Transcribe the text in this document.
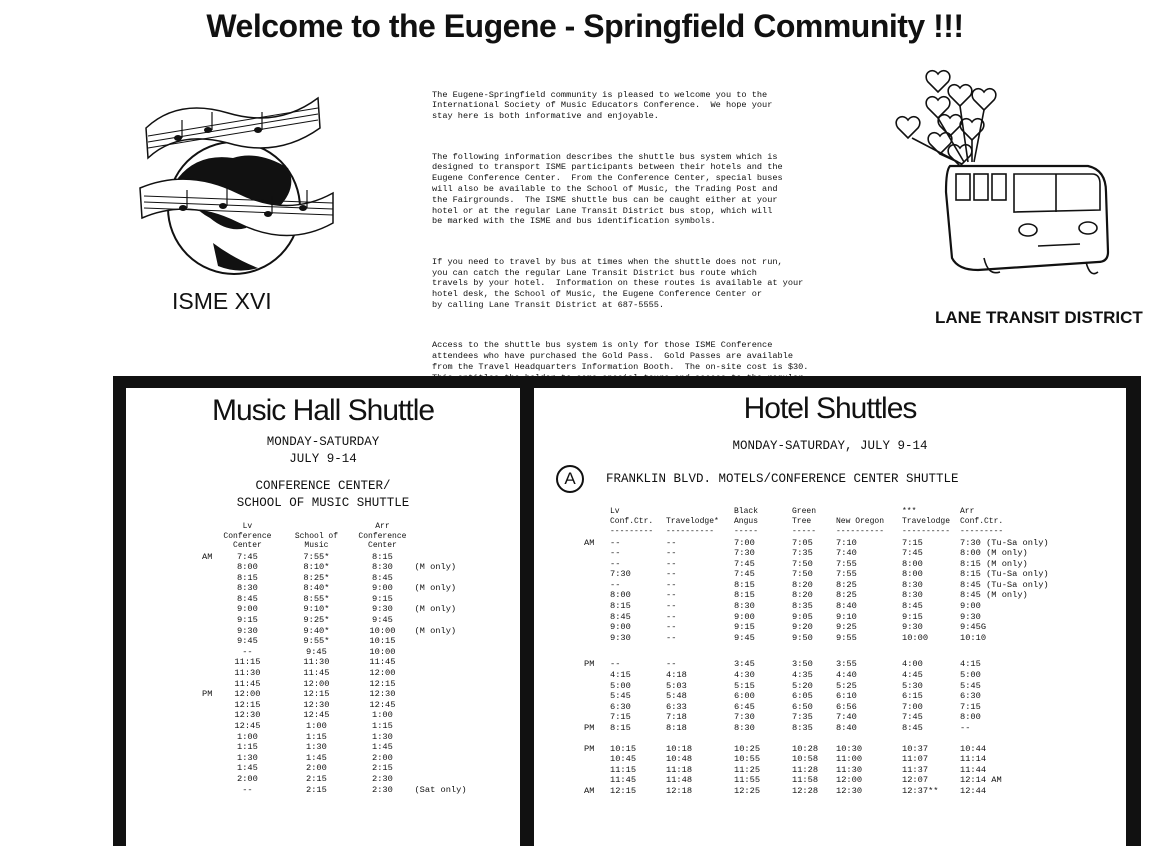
Welcome to the Eugene - Springfield Community !!!
ISME XVI

The Eugene-Springfield community is pleased to welcome you to the
International Society of Music Educators Conference.  We hope your
stay here is both informative and enjoyable.

The following information describes the shuttle bus system which is
designed to transport ISME participants between their hotels and the
Eugene Conference Center.  From the Conference Center, special buses
will also be available to the School of Music, the Trading Post and
the Fairgrounds.  The ISME shuttle bus can be caught either at your
hotel or at the regular Lane Transit District bus stop, which will
be marked with the ISME and bus identification symbols.

If you need to travel by bus at times when the shuttle does not run,
you can catch the regular Lane Transit District bus route which
travels by your hotel.  Information on these routes is available at your
hotel desk, the School of Music, the Eugene Conference Center or
by calling Lane Transit District at 687-5555.

Access to the shuttle bus system is only for those ISME Conference
attendees who have purchased the Gold Pass.  Gold Passes are available
from the Travel Headquarters Information Booth.  The on-site cost is $30.

LANE TRANSIT DISTRICT
Music Hall Shuttle
MONDAY-SATURDAY
JULY 9-14
CONFERENCE CENTER/
SCHOOL OF MUSIC SHUTTLE
	Lv
Conference
Center	School of
Music	Arr
Conference
Center	
AM	7:45	7:55*	8:15	
	8:00	8:10*	8:30	(M only)
	8:15	8:25*	8:45	
	8:30	8:40*	9:00	(M only)
	8:45	8:55*	9:15	
	9:00	9:10*	9:30	(M only)
	9:15	9:25*	9:45	
	9:30	9:40*	10:00	(M only)
	9:45	9:55*	10:15	
	--	9:45	10:00	
	11:15	11:30	11:45	
	11:30	11:45	12:00	
	11:45	12:00	12:15	
PM	12:00	12:15	12:30	
	12:15	12:30	12:45	
	12:30	12:45	1:00	
	12:45	1:00	1:15	
	1:00	1:15	1:30	
	1:15	1:30	1:45	
	1:30	1:45	2:00	
	1:45	2:00	2:15	
	2:00	2:15	2:30	
	--	2:15	2:30	(Sat only)
Hotel Shuttles
MONDAY-SATURDAY, JULY 9-14
A	FRANKLIN BLVD. MOTELS/CONFERENCE CENTER SHUTTLE
	Lv
Conf.Ctr.	Travelodge*	Black
Angus	Green
Tree	New Oregon	***
Travelodge	Arr
Conf.Ctr.
	---------	----------	-----	-----	----------	----------	---------
AM	--	--	7:00	7:05	7:10	7:15	7:30 (Tu-Sa only)
	--	--	7:30	7:35	7:40	7:45	8:00 (M only)
	--	--	7:45	7:50	7:55	8:00	8:15 (M only)
	7:30	--	7:45	7:50	7:55	8:00	8:15 (Tu-Sa only)
	--	--	8:15	8:20	8:25	8:30	8:45 (Tu-Sa only)
	8:00	--	8:15	8:20	8:25	8:30	8:45 (M only)
	8:15	--	8:30	8:35	8:40	8:45	9:00
	8:45	--	9:00	9:05	9:10	9:15	9:30
	9:00	--	9:15	9:20	9:25	9:30	9:45G
	9:30	--	9:45	9:50	9:55	10:00	10:10

PM	--	--	3:45	3:50	3:55	4:00	4:15
	4:15	4:18	4:30	4:35	4:40	4:45	5:00
	5:00	5:03	5:15	5:20	5:25	5:30	5:45
	5:45	5:48	6:00	6:05	6:10	6:15	6:30
	6:30	6:33	6:45	6:50	6:56	7:00	7:15
	7:15	7:18	7:30	7:35	7:40	7:45	8:00
PM	8:15	8:18	8:30	8:35	8:40	8:45	--

PM	10:15	10:18	10:25	10:28	10:30	10:37	10:44
	10:45	10:48	10:55	10:58	11:00	11:07	11:14
	11:15	11:18	11:25	11:28	11:30	11:37	11:44
	11:45	11:48	11:55	11:58	12:00	12:07	12:14 AM
AM	12:15	12:18	12:25	12:28	12:30	12:37**	12:44
